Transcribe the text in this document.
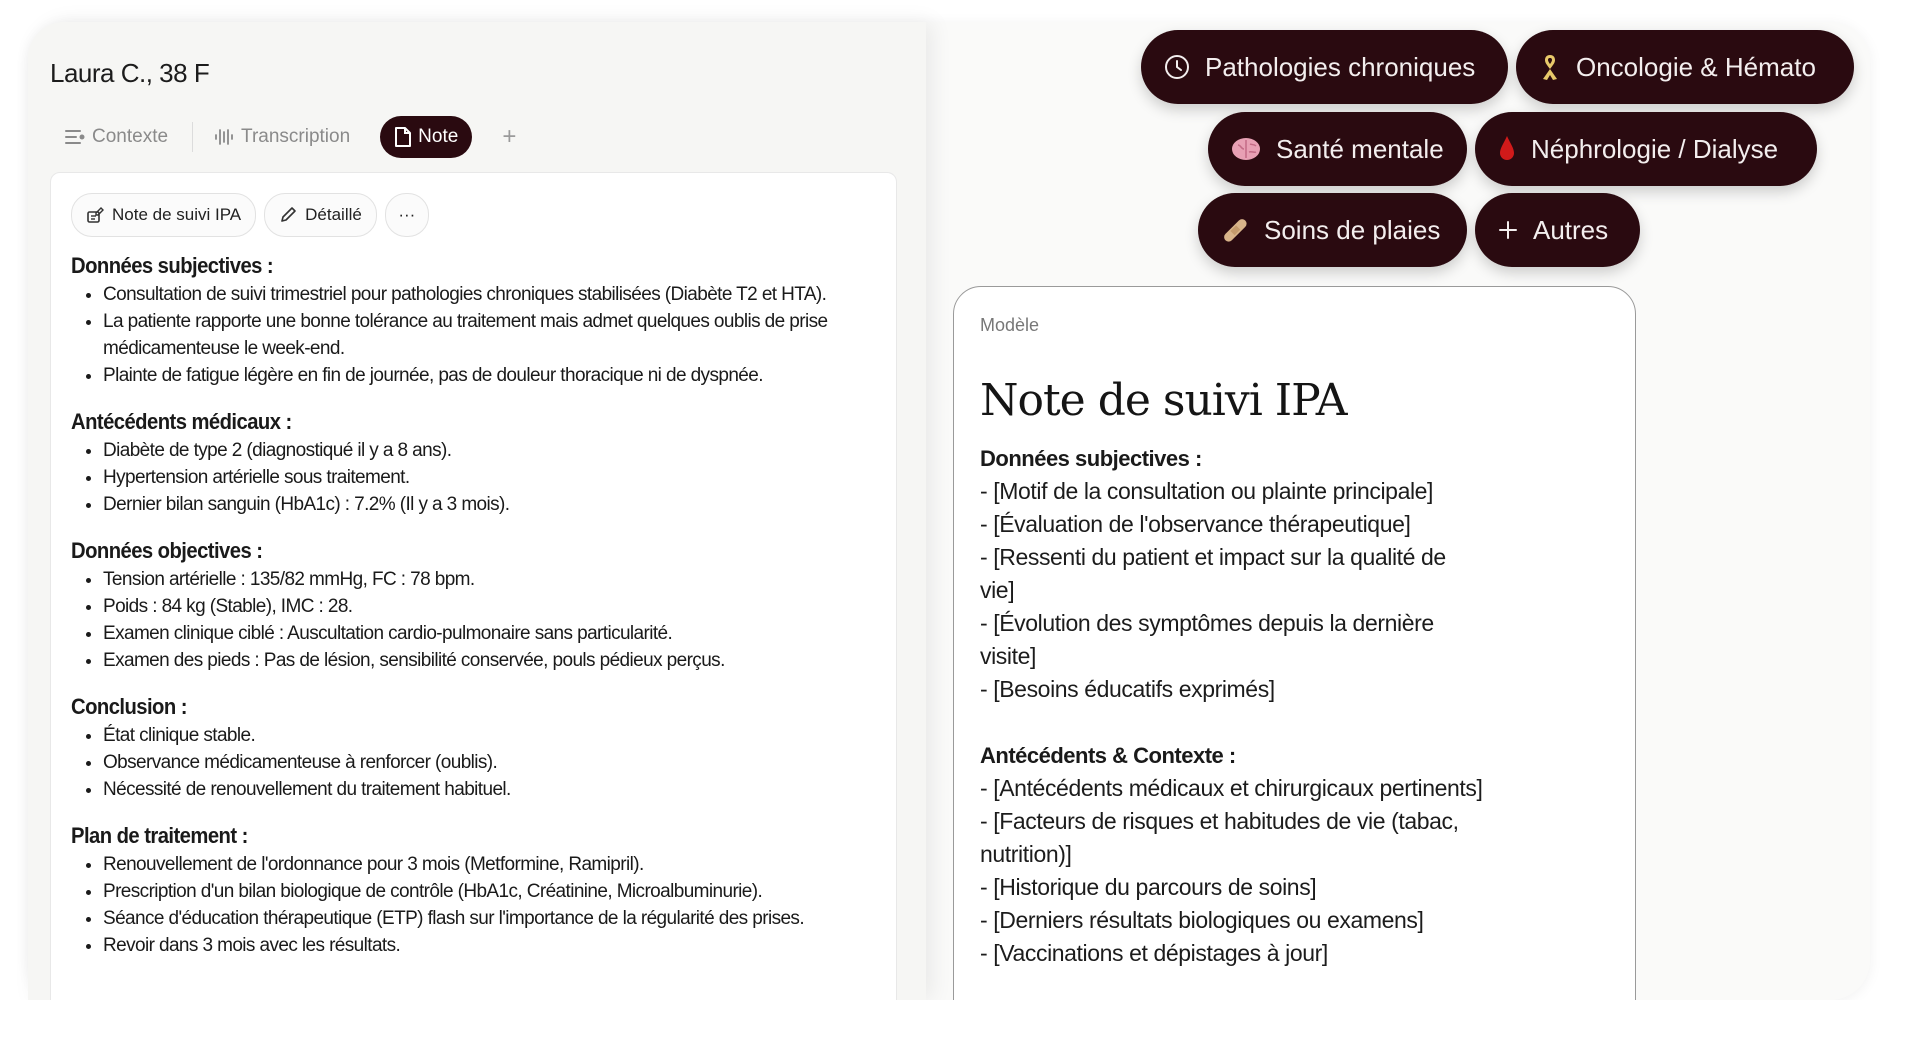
Laura C., 38 F
Contexte	Transcription	Note +
Note de suivi IPA	Détaillé	···
Données subjectives :
• Consultation de suivi trimestriel pour pathologies chroniques stabilisées (Diabète T2 et HTA).
• La patiente rapporte une bonne tolérance au traitement mais admet quelques oublis de prise médicamenteuse le week-end.
• Plainte de fatigue légère en fin de journée, pas de douleur thoracique ni de dyspnée.
Antécédents médicaux :
• Diabète de type 2 (diagnostiqué il y a 8 ans).
• Hypertension artérielle sous traitement.
• Dernier bilan sanguin (HbA1c) : 7.2% (Il y a 3 mois).
Données objectives :
• Tension artérielle : 135/82 mmHg, FC : 78 bpm.
• Poids : 84 kg (Stable), IMC : 28.
• Examen clinique ciblé : Auscultation cardio-pulmonaire sans particularité.
• Examen des pieds : Pas de lésion, sensibilité conservée, pouls pédieux perçus.
Conclusion :
• État clinique stable.
• Observance médicamenteuse à renforcer (oublis).
• Nécessité de renouvellement du traitement habituel.
Plan de traitement :
• Renouvellement de l'ordonnance pour 3 mois (Metformine, Ramipril).
• Prescription d'un bilan biologique de contrôle (HbA1c, Créatinine, Microalbuminurie).
• Séance d'éducation thérapeutique (ETP) flash sur l'importance de la régularité des prises.
• Revoir dans 3 mois avec les résultats.
Pathologies chroniques	Oncologie & Hémato
Santé mentale	Néphrologie / Dialyse
Soins de plaies	Autres
Modèle
Note de suivi IPA
Données subjectives :
- [Motif de la consultation ou plainte principale]
- [Évaluation de l'observance thérapeutique]
- [Ressenti du patient et impact sur la qualité de
vie]
- [Évolution des symptômes depuis la dernière
visite]
- [Besoins éducatifs exprimés]
Antécédents & Contexte :
- [Antécédents médicaux et chirurgicaux pertinents]
- [Facteurs de risques et habitudes de vie (tabac,
nutrition)]
- [Historique du parcours de soins]
- [Derniers résultats biologiques ou examens]
- [Vaccinations et dépistages à jour]
